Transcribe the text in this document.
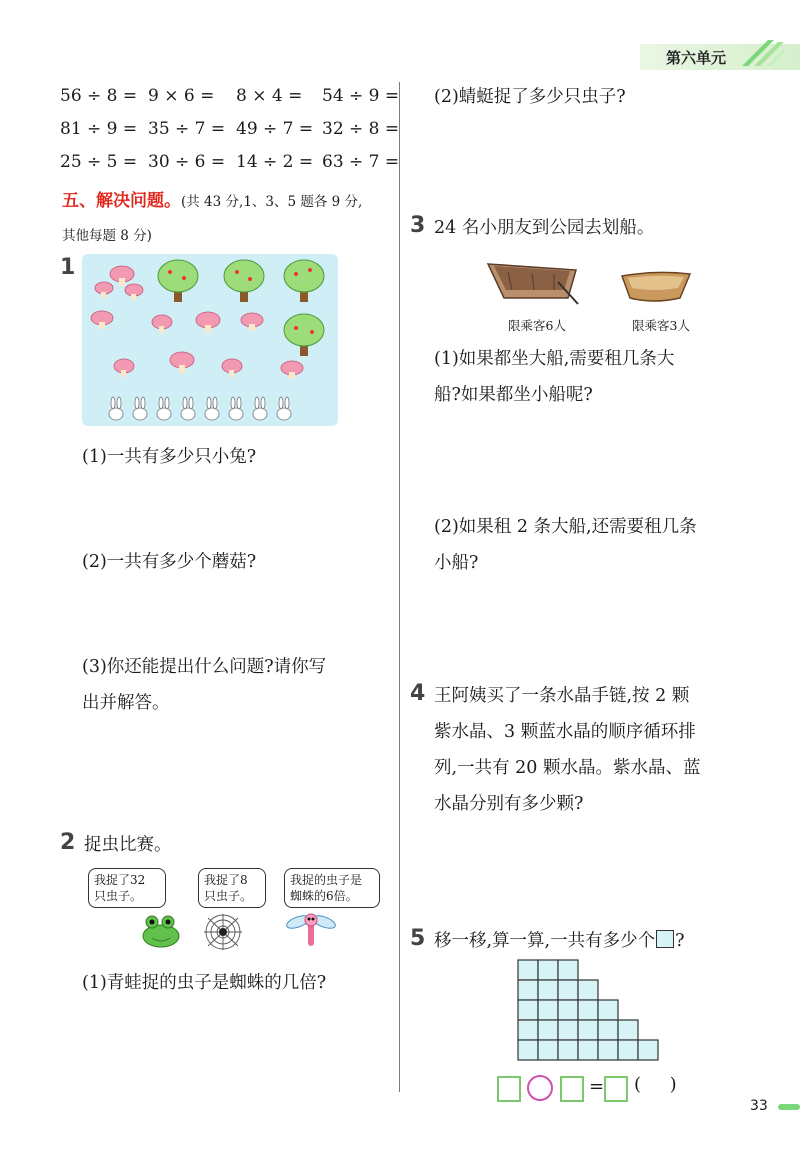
第六单元
56 ÷ 8 = 9 × 6 = 8 × 4 = 54 ÷ 9 =
81 ÷ 9 = 35 ÷ 7 = 49 ÷ 7 = 32 ÷ 8 =
25 ÷ 5 = 30 ÷ 6 = 14 ÷ 2 = 63 ÷ 7 =
五、解决问题。(共 43 分,1、3、5 题各 9 分,
其他每题 8 分)
1
(1)一共有多少只小兔?
(2)一共有多少个蘑菇?
(3)你还能提出什么问题?请你写
出并解答。
2 捉虫比赛。
我捉了32
只虫子。
我捉了8
只虫子。
我捉的虫子是
蜘蛛的6倍。
(1)青蛙捉的虫子是蜘蛛的几倍?
(2)蜻蜓捉了多少只虫子?
3 24 名小朋友到公园去划船。
限乘客6人	限乘客3人
(1)如果都坐大船,需要租几条大
船?如果都坐小船呢?
(2)如果租 2 条大船,还需要租几条
小船?
4 王阿姨买了一条水晶手链,按 2 颗
紫水晶、3 颗蓝水晶的顺序循环排
列,一共有 20 颗水晶。紫水晶、蓝
水晶分别有多少颗?
5 移一移,算一算,一共有多少个 ?
= (     )
33
